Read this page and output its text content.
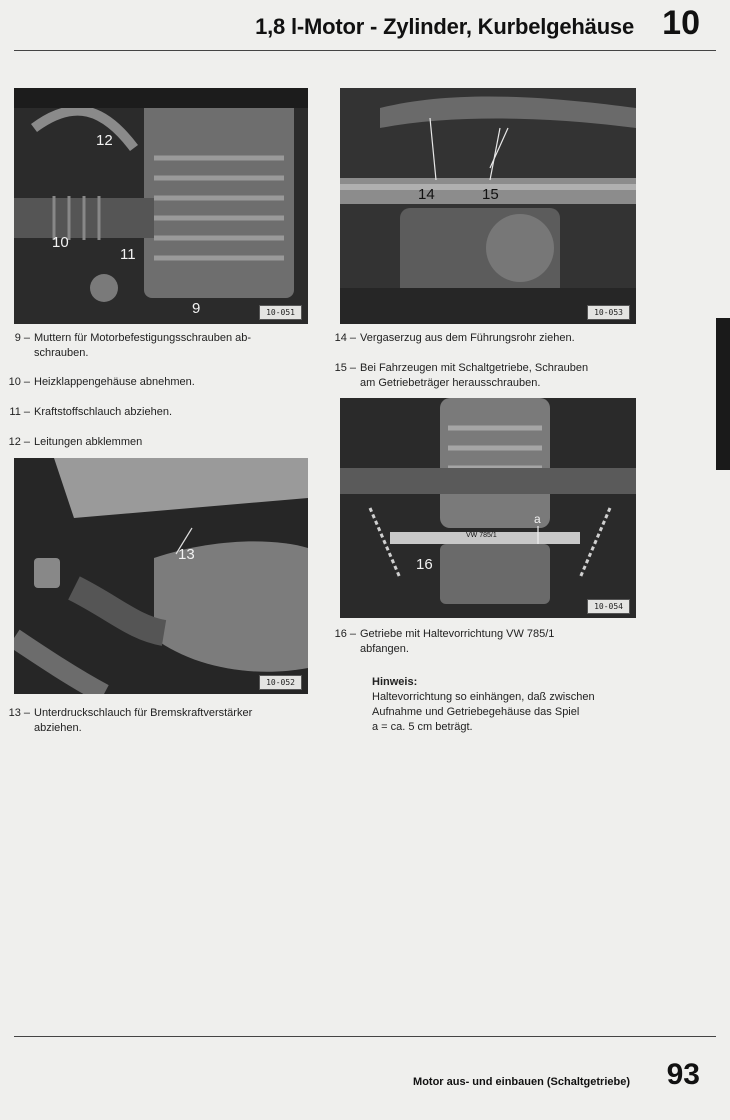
1,8 l-Motor - Zylinder, Kurbelgehäuse 10
12
10
11
9	10-051
14	15
10-053
9 – Muttern für Motorbefestigungsschrauben ab-
schrauben.
10 – Heizklappengehäuse abnehmen.
11 – Kraftstoffschlauch abziehen.
12 – Leitungen abklemmen
13
10-052
13 – Unterdruckschlauch für Bremskraftverstärker
abziehen.
14 – Vergaserzug aus dem Führungsrohr ziehen.
15 – Bei Fahrzeugen mit Schaltgetriebe, Schrauben
am Getriebeträger herausschrauben.
16
a
VW 785/1
10-054
16 – Getriebe mit Haltevorrichtung VW 785/1
abfangen.
Hinweis:
Haltevorrichtung so einhängen, daß zwischen
Aufnahme und Getriebegehäuse das Spiel
a = ca. 5 cm beträgt.
Motor aus- und einbauen (Schaltgetriebe) 93
